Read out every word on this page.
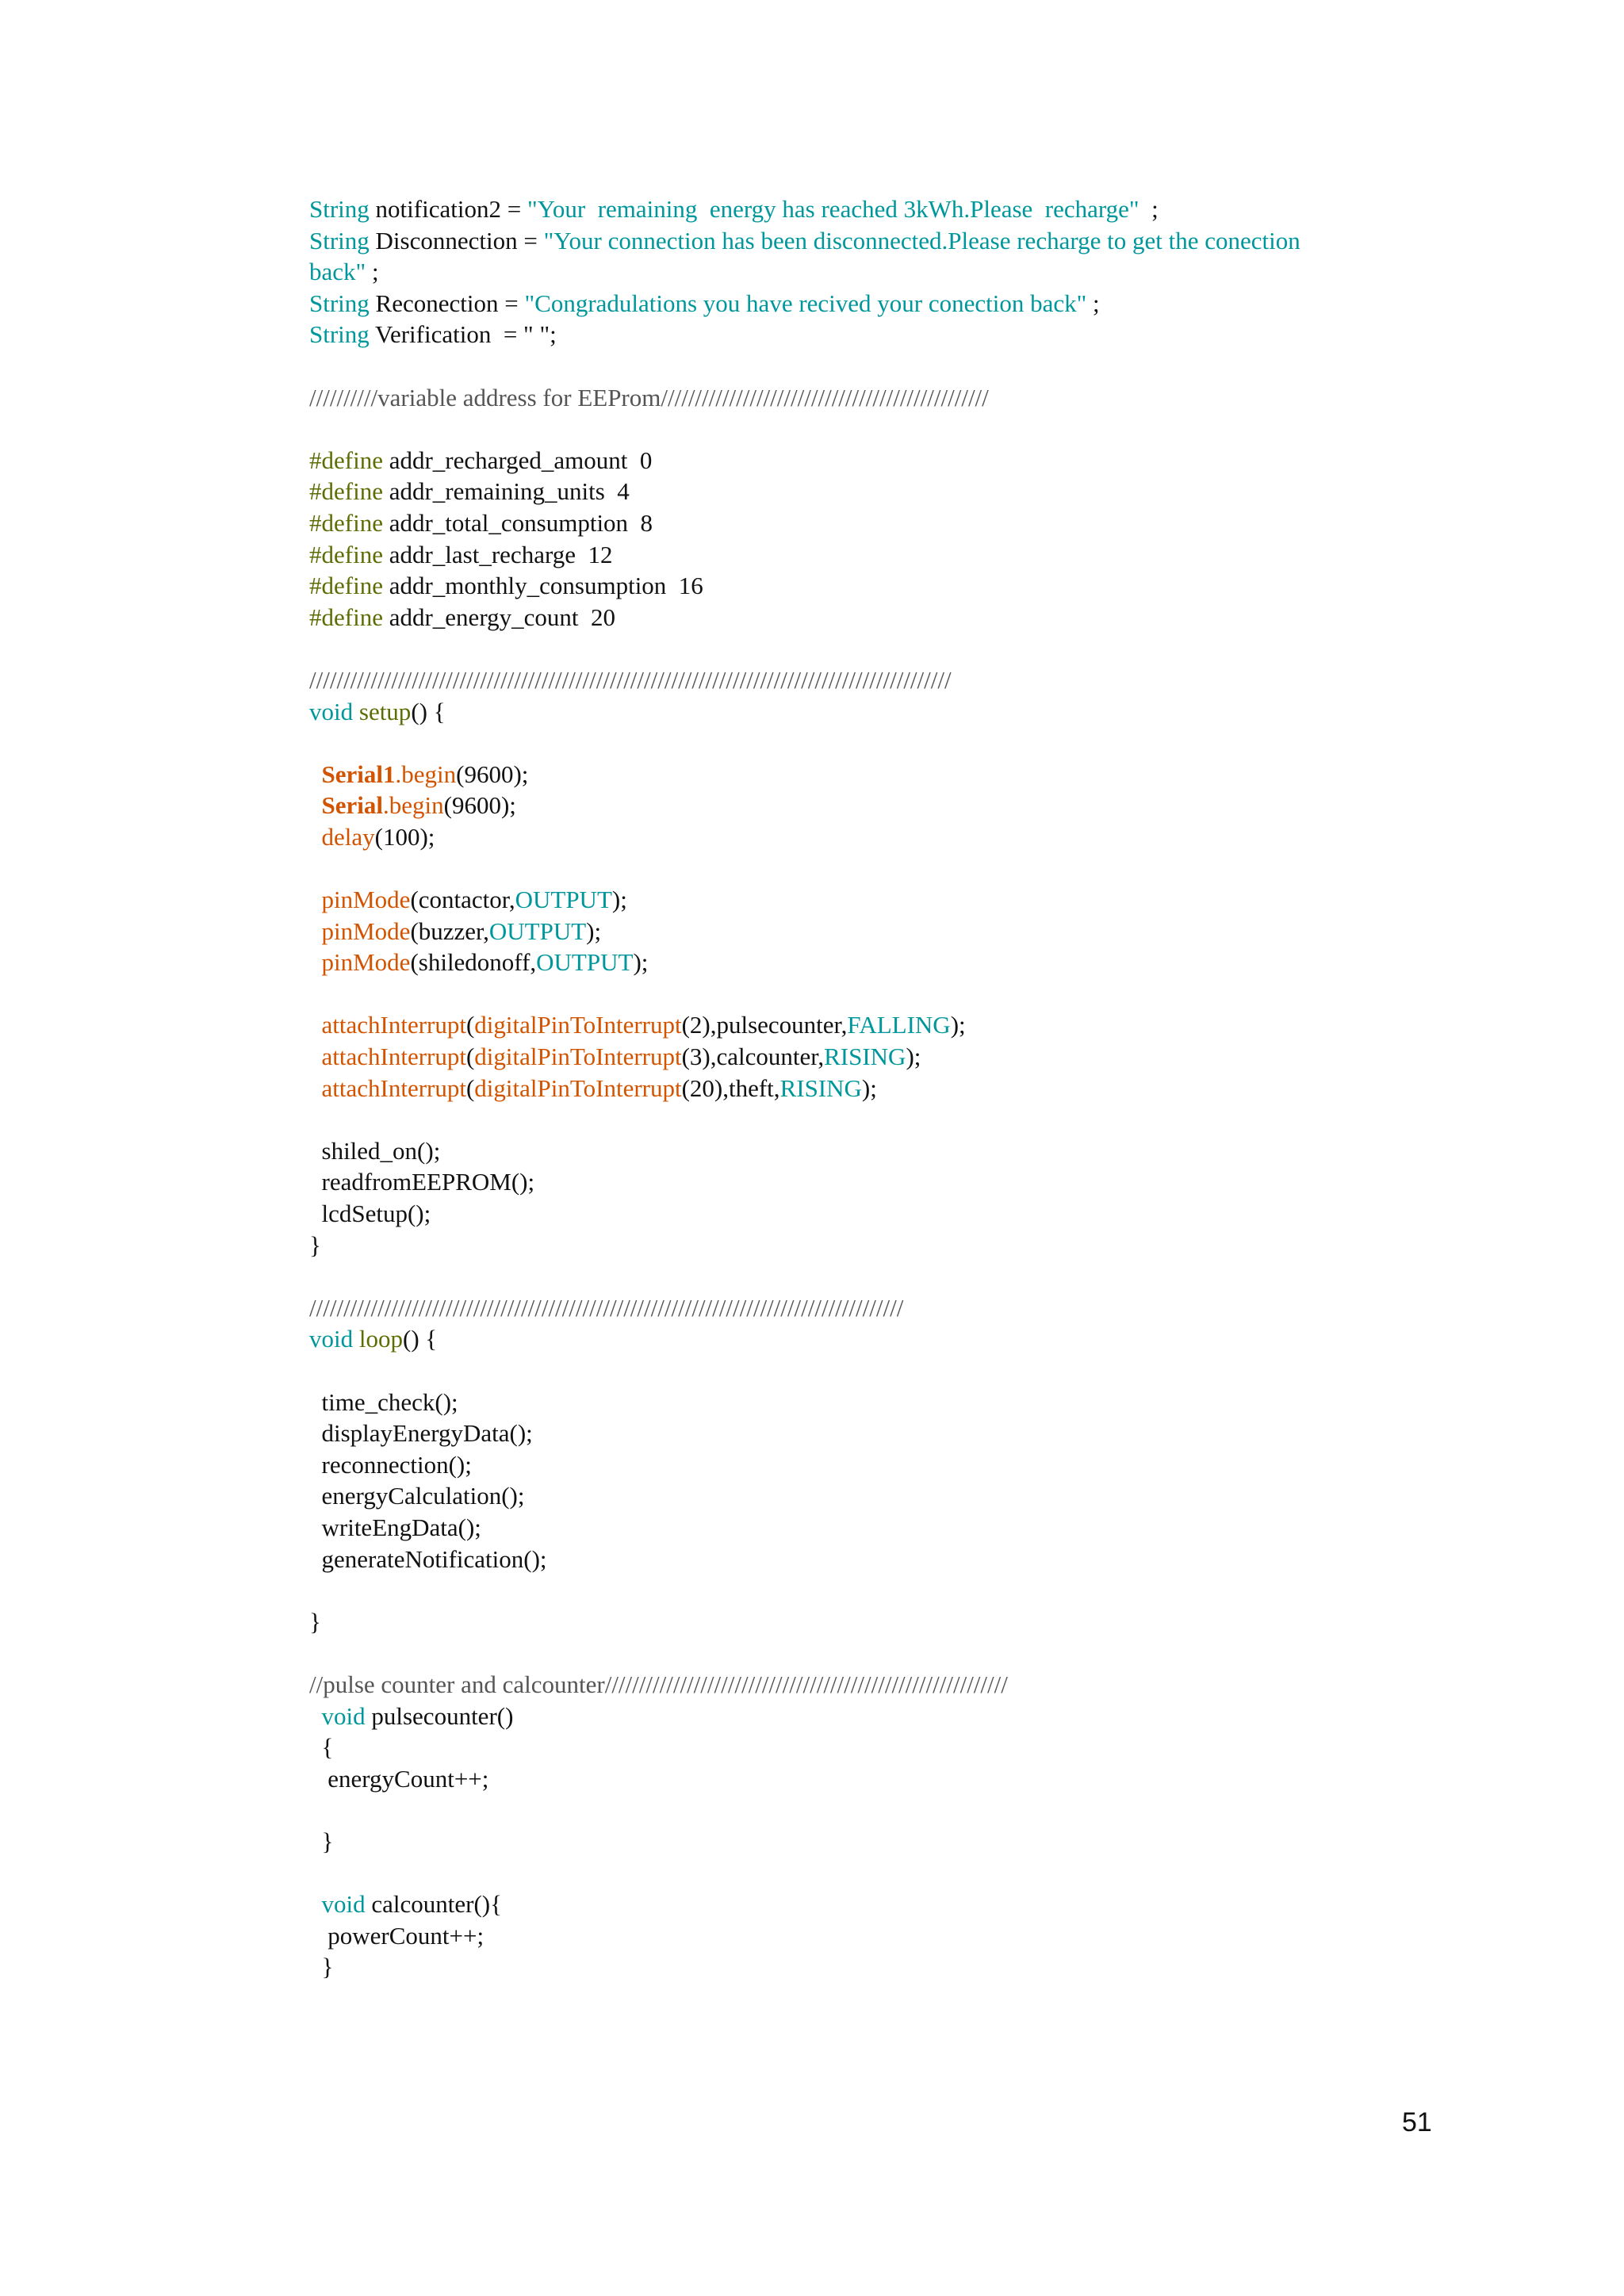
String notification2 = "Your  remaining  energy has reached 3kWh.Please  recharge"  ;
String Disconnection = "Your connection has been disconnected.Please recharge to get the conection
back" ;
String Reconection = "Congradulations you have recived your conection back" ;
String Verification  = " ";
//////////variable address for EEProm////////////////////////////////////////////////
#define addr_recharged_amount  0
#define addr_remaining_units  4
#define addr_total_consumption  8
#define addr_last_recharge  12
#define addr_monthly_consumption  16
#define addr_energy_count  20
//////////////////////////////////////////////////////////////////////////////////////////////
void setup() {
Serial1.begin(9600);
Serial.begin(9600);
delay(100);
pinMode(contactor,OUTPUT);
pinMode(buzzer,OUTPUT);
pinMode(shiledonoff,OUTPUT);
attachInterrupt(digitalPinToInterrupt(2),pulsecounter,FALLING);
attachInterrupt(digitalPinToInterrupt(3),calcounter,RISING);
attachInterrupt(digitalPinToInterrupt(20),theft,RISING);
shiled_on();
readfromEEPROM();
lcdSetup();
}
///////////////////////////////////////////////////////////////////////////////////////
void loop() {
time_check();
displayEnergyData();
reconnection();
energyCalculation();
writeEngData();
generateNotification();
}
//pulse counter and calcounter///////////////////////////////////////////////////////////
void pulsecounter()
{
energyCount++;
}
void calcounter(){
powerCount++;
}
51
